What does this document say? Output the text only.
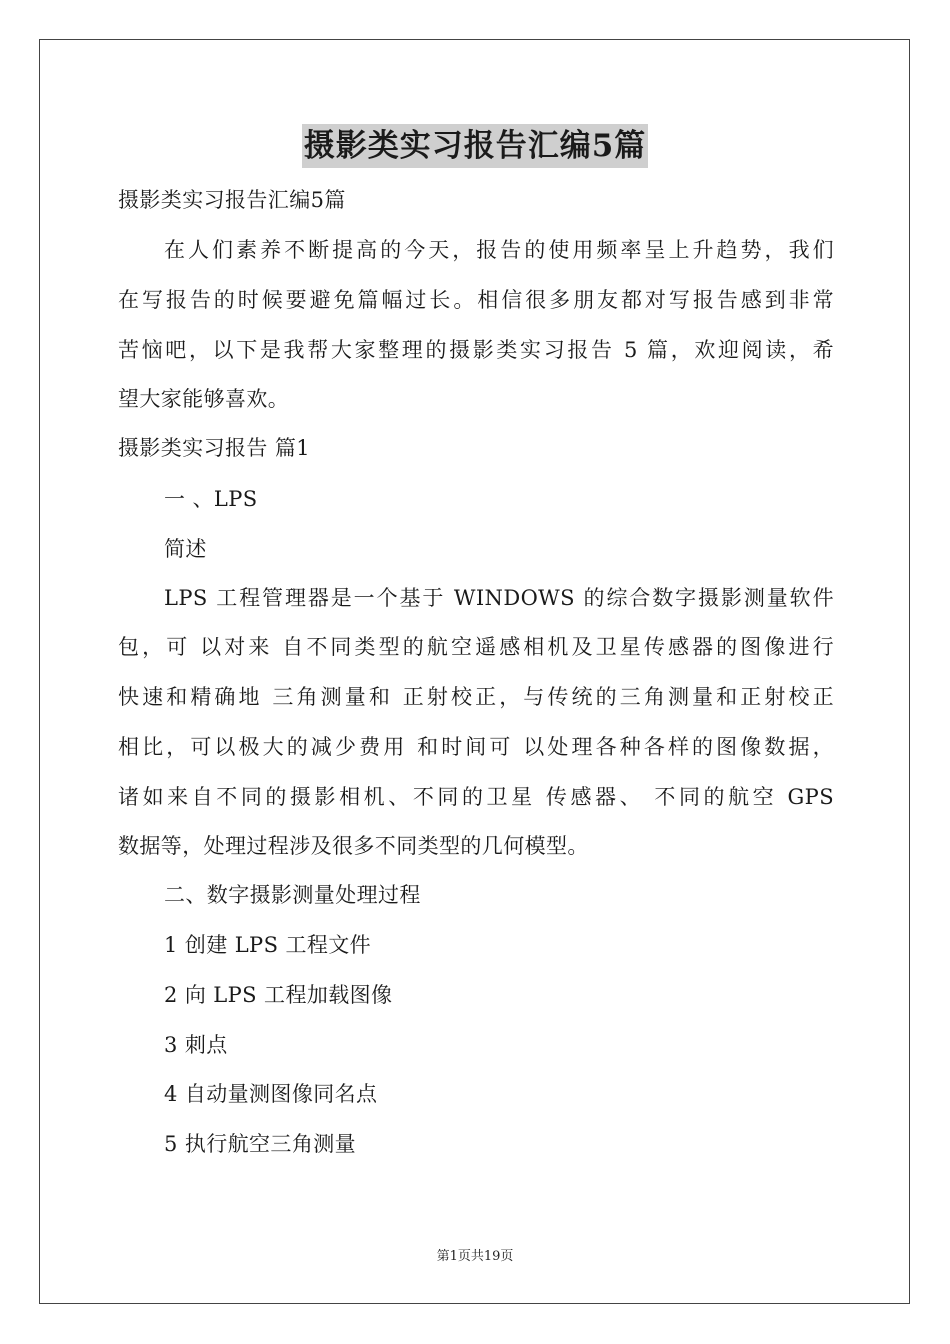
摄影类实习报告汇编5篇
摄影类实习报告汇编5篇
在人们素养不断提高的今天，报告的使用频率呈上升趋势，我们
在写报告的时候要避免篇幅过长。相信很多朋友都对写报告感到非常
苦恼吧，以下是我帮大家整理的摄影类实习报告 5 篇，欢迎阅读，希
望大家能够喜欢。
摄影类实习报告 篇1
一 、LPS
简述
LPS 工程管理器是一个基于 WINDOWS 的综合数字摄影测量软件
包，可 以对来 自不同类型的航空遥感相机及卫星传感器的图像进行
快速和精确地 三角测量和 正射校正，与传统的三角测量和正射校正
相比，可以极大的减少费用 和时间可 以处理各种各样的图像数据，
诸如来自不同的摄影相机、不同的卫星 传感器、 不同的航空 GPS
数据等，处理过程涉及很多不同类型的几何模型。
二、数字摄影测量处理过程
1 创建 LPS 工程文件
2 向 LPS 工程加载图像
3 刺点
4 自动量测图像同名点
5 执行航空三角测量
第1页共19页
